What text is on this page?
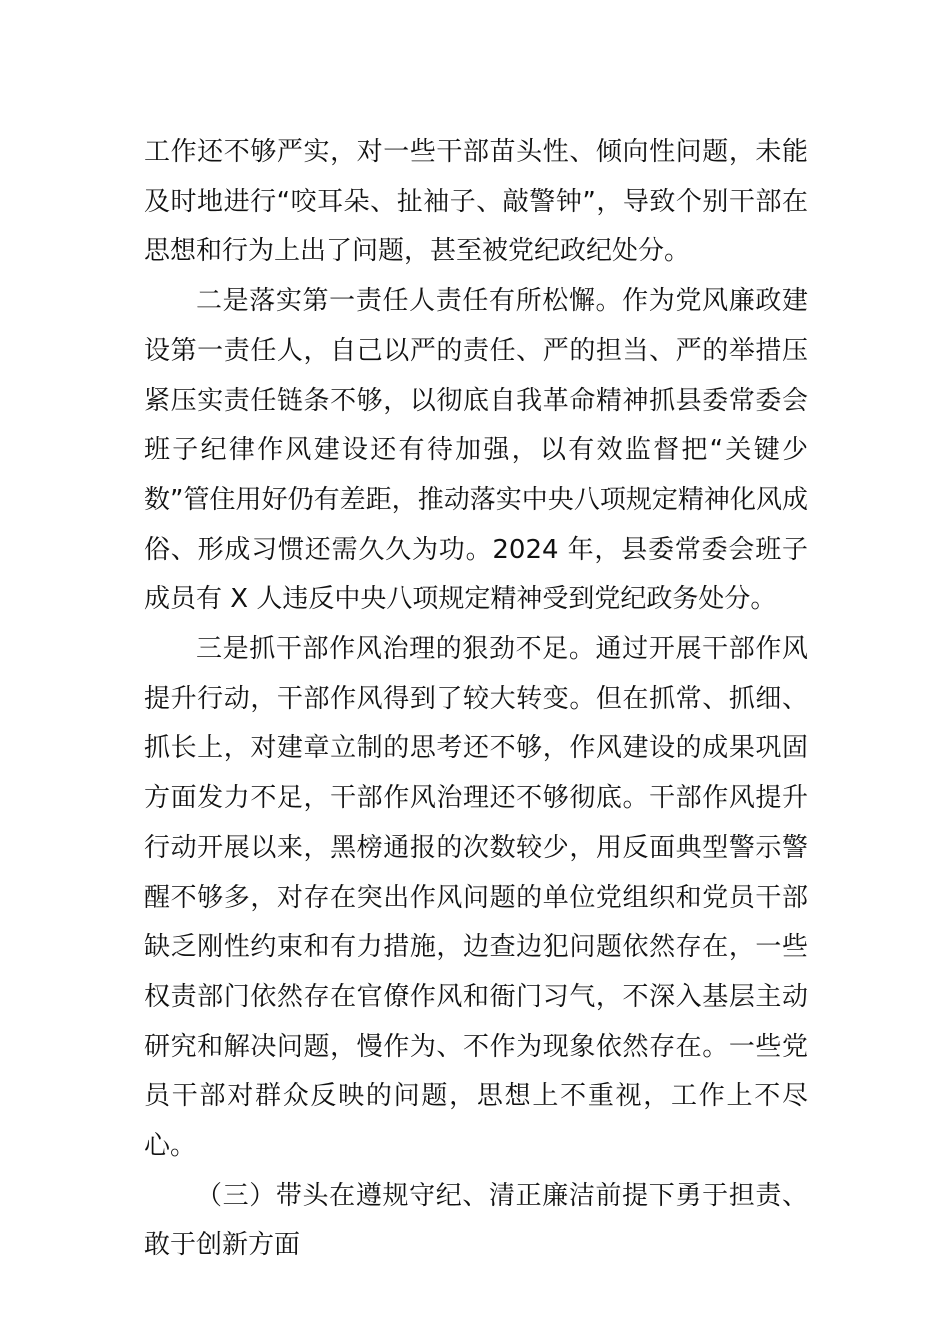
工作还不够严实，对一些干部苗头性、倾向性问题，未能及时地进行“咬耳朵、扯袖子、敲警钟”，导致个别干部在思想和行为上出了问题，甚至被党纪政纪处分。

二是落实第一责任人责任有所松懈。作为党风廉政建设第一责任人，自己以严的责任、严的担当、严的举措压紧压实责任链条不够，以彻底自我革命精神抓县委常委会班子纪律作风建设还有待加强，以有效监督把“关键少数”管住用好仍有差距，推动落实中央八项规定精神化风成俗、形成习惯还需久久为功。2024 年，县委常委会班子成员有 X 人违反中央八项规定精神受到党纪政务处分。

三是抓干部作风治理的狠劲不足。通过开展干部作风提升行动，干部作风得到了较大转变。但在抓常、抓细、抓长上，对建章立制的思考还不够，作风建设的成果巩固方面发力不足，干部作风治理还不够彻底。干部作风提升行动开展以来，黑榜通报的次数较少，用反面典型警示警醒不够多，对存在突出作风问题的单位党组织和党员干部缺乏刚性约束和有力措施，边查边犯问题依然存在，一些权责部门依然存在官僚作风和衙门习气，不深入基层主动研究和解决问题，慢作为、不作为现象依然存在。一些党员干部对群众反映的问题，思想上不重视，工作上不尽心。

（三）带头在遵规守纪、清正廉洁前提下勇于担责、敢于创新方面
